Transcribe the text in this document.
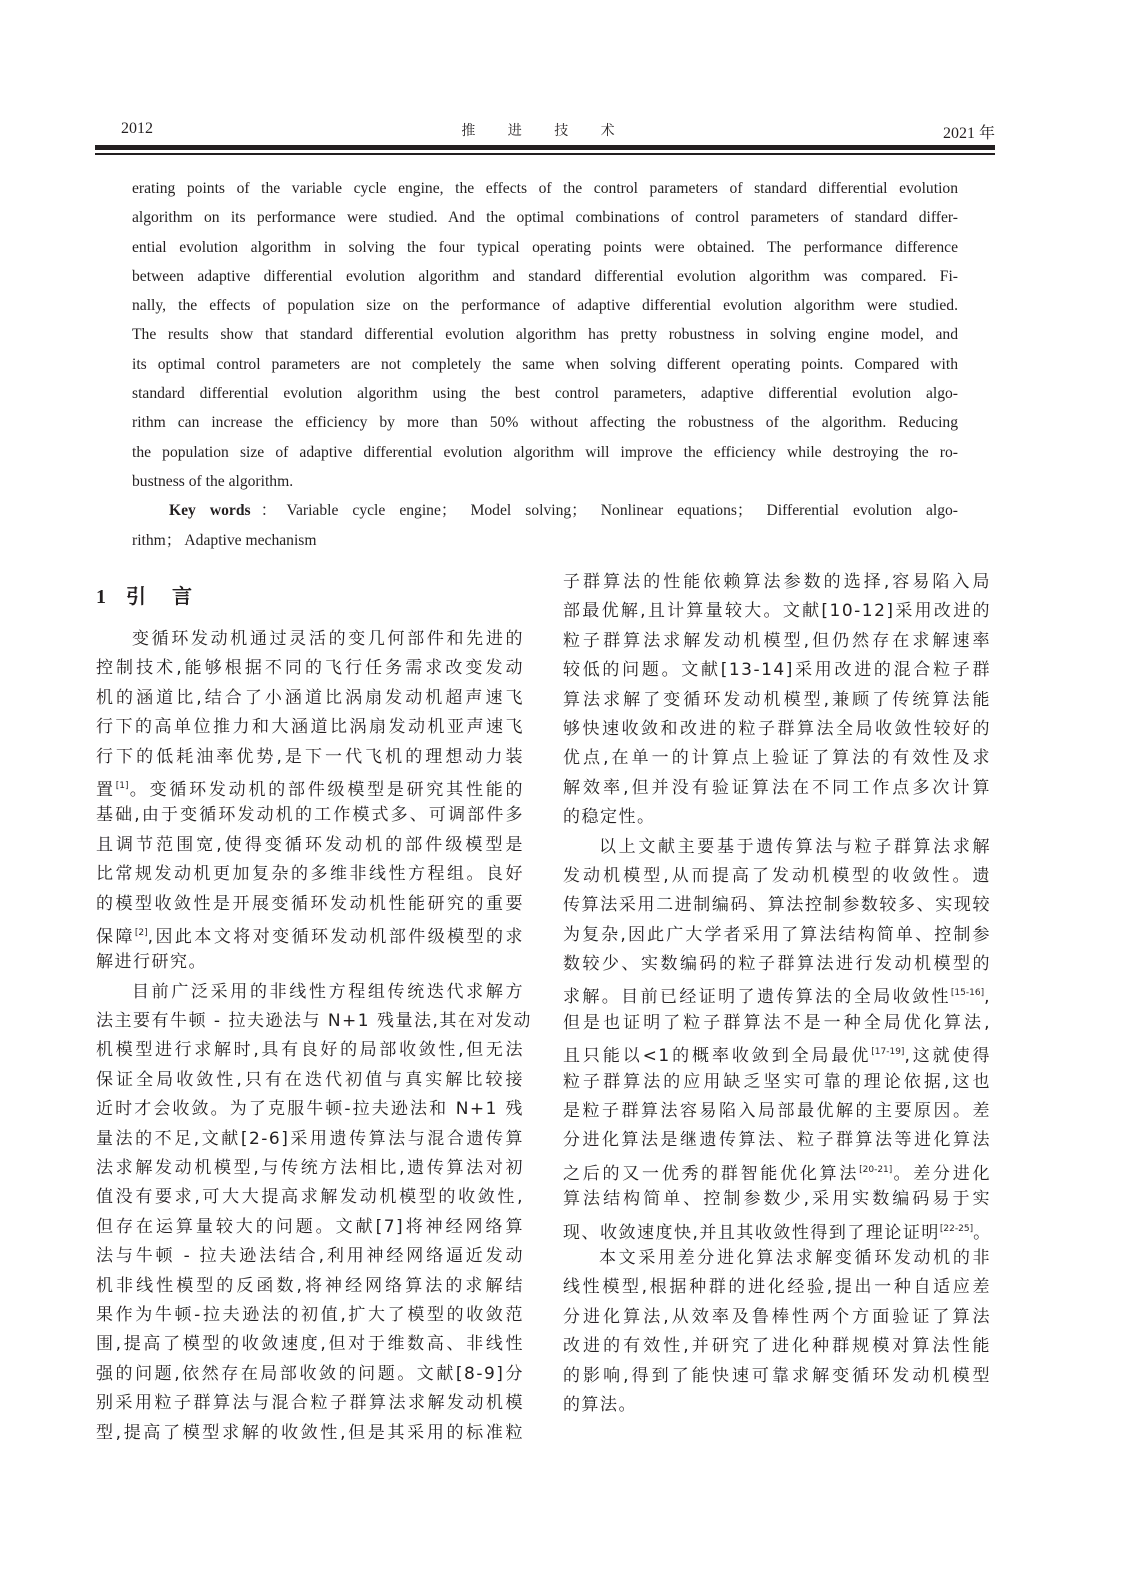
2012	推 进 技 术	2021 年
erating points of the variable cycle engine, the effects of the control parameters of standard differential evolution
algorithm on its performance were studied. And the optimal combinations of control parameters of standard differ-
ential evolution algorithm in solving the four typical operating points were obtained. The performance difference
between adaptive differential evolution algorithm and standard differential evolution algorithm was compared. Fi-
nally, the effects of population size on the performance of adaptive differential evolution algorithm were studied.
The results show that standard differential evolution algorithm has pretty robustness in solving engine model, and
its optimal control parameters are not completely the same when solving different operating points. Compared with
standard differential evolution algorithm using the best control parameters, adaptive differential evolution algo-
rithm can increase the efficiency by more than 50% without affecting the robustness of the algorithm. Reducing
the population size of adaptive differential evolution algorithm will improve the efficiency while destroying the ro-
bustness of the algorithm.
Key words：Variable cycle engine； Model solving； Nonlinear equations； Differential evolution algo-
rithm； Adaptive mechanism
1 引 言
变循环发动机通过灵活的变几何部件和先进的
控制技术,能够根据不同的飞行任务需求改变发动
机的涵道比,结合了小涵道比涡扇发动机超声速飞
行下的高单位推力和大涵道比涡扇发动机亚声速飞
行下的低耗油率优势,是下一代飞机的理想动力装
置[1]。变循环发动机的部件级模型是研究其性能的
基础,由于变循环发动机的工作模式多、可调部件多
且调节范围宽,使得变循环发动机的部件级模型是
比常规发动机更加复杂的多维非线性方程组。良好
的模型收敛性是开展变循环发动机性能研究的重要
保障[2],因此本文将对变循环发动机部件级模型的求
解进行研究。
目前广泛采用的非线性方程组传统迭代求解方
法主要有牛顿 - 拉夫逊法与 N+1 残量法,其在对发动
机模型进行求解时,具有良好的局部收敛性,但无法
保证全局收敛性,只有在迭代初值与真实解比较接
近时才会收敛。为了克服牛顿-拉夫逊法和 N+1 残
量法的不足,文献[2-6]采用遗传算法与混合遗传算
法求解发动机模型,与传统方法相比,遗传算法对初
值没有要求,可大大提高求解发动机模型的收敛性,
但存在运算量较大的问题。文献[7]将神经网络算
法与牛顿 - 拉夫逊法结合,利用神经网络逼近发动
机非线性模型的反函数,将神经网络算法的求解结
果作为牛顿-拉夫逊法的初值,扩大了模型的收敛范
围,提高了模型的收敛速度,但对于维数高、非线性
强的问题,依然存在局部收敛的问题。文献[8-9]分
别采用粒子群算法与混合粒子群算法求解发动机模
型,提高了模型求解的收敛性,但是其采用的标准粒
子群算法的性能依赖算法参数的选择,容易陷入局
部最优解,且计算量较大。文献[10-12]采用改进的
粒子群算法求解发动机模型,但仍然存在求解速率
较低的问题。文献[13-14]采用改进的混合粒子群
算法求解了变循环发动机模型,兼顾了传统算法能
够快速收敛和改进的粒子群算法全局收敛性较好的
优点,在单一的计算点上验证了算法的有效性及求
解效率,但并没有验证算法在不同工作点多次计算
的稳定性。
以上文献主要基于遗传算法与粒子群算法求解
发动机模型,从而提高了发动机模型的收敛性。遗
传算法采用二进制编码、算法控制参数较多、实现较
为复杂,因此广大学者采用了算法结构简单、控制参
数较少、实数编码的粒子群算法进行发动机模型的
求解。目前已经证明了遗传算法的全局收敛性[15-16],
但是也证明了粒子群算法不是一种全局优化算法,
且只能以<1的概率收敛到全局最优[17-19],这就使得
粒子群算法的应用缺乏坚实可靠的理论依据,这也
是粒子群算法容易陷入局部最优解的主要原因。差
分进化算法是继遗传算法、粒子群算法等进化算法
之后的又一优秀的群智能优化算法[20-21]。差分进化
算法结构简单、控制参数少,采用实数编码易于实
现、收敛速度快,并且其收敛性得到了理论证明[22-25]。
本文采用差分进化算法求解变循环发动机的非
线性模型,根据种群的进化经验,提出一种自适应差
分进化算法,从效率及鲁棒性两个方面验证了算法
改进的有效性,并研究了进化种群规模对算法性能
的影响,得到了能快速可靠求解变循环发动机模型
的算法。
